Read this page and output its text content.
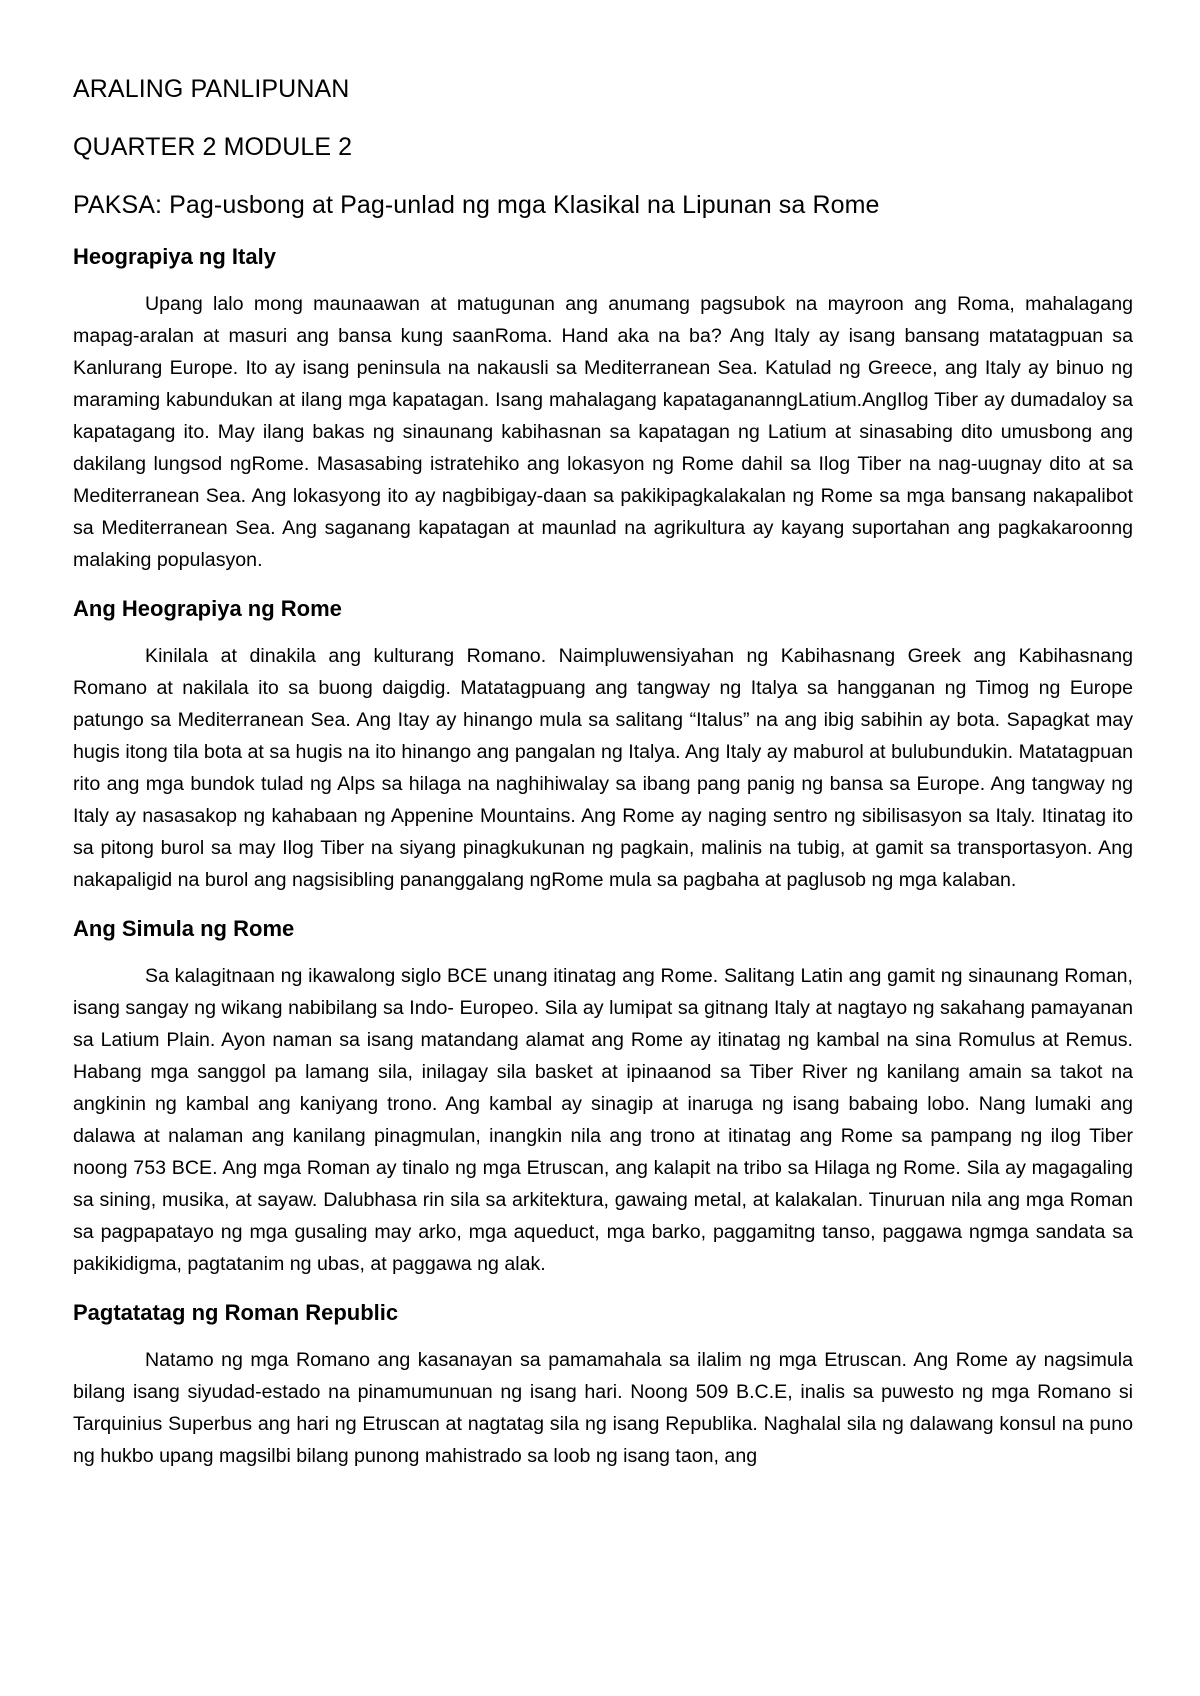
ARALING PANLIPUNAN
QUARTER 2 MODULE 2
PAKSA: Pag-usbong at Pag-unlad ng mga Klasikal na Lipunan sa Rome
Heograpiya ng Italy

Upang lalo mong maunaawan at matugunan ang anumang pagsubok na mayroon ang Roma, mahalagang mapag-aralan at masuri ang bansa kung saanRoma. Hand aka na ba? Ang Italy ay isang bansang matatagpuan sa Kanlurang Europe. Ito ay isang peninsula na nakausli sa Mediterranean Sea. Katulad ng Greece, ang Italy ay binuo ng maraming kabundukan at ilang mga kapatagan. Isang mahalagang kapatagananngLatium.AngIlog Tiber ay dumadaloy sa kapatagang ito. May ilang bakas ng sinaunang kabihasnan sa kapatagan ng Latium at sinasabing dito umusbong ang dakilang lungsod ngRome. Masasabing istratehiko ang lokasyon ng Rome dahil sa Ilog Tiber na nag-uugnay dito at sa Mediterranean Sea. Ang lokasyong ito ay nagbibigay-daan sa pakikipagkalakalan ng Rome sa mga bansang nakapalibot sa Mediterranean Sea. Ang saganang kapatagan at maunlad na agrikultura ay kayang suportahan ang pagkakaroonng malaking populasyon.

Ang Heograpiya ng Rome

Kinilala at dinakila ang kulturang Romano. Naimpluwensiyahan ng Kabihasnang Greek ang Kabihasnang Romano at nakilala ito sa buong daigdig. Matatagpuang ang tangway ng Italya sa hangganan ng Timog ng Europe patungo sa Mediterranean Sea. Ang Itay ay hinango mula sa salitang “Italus” na ang ibig sabihin ay bota. Sapagkat may hugis itong tila bota at sa hugis na ito hinango ang pangalan ng Italya. Ang Italy ay maburol at bulubundukin. Matatagpuan rito ang mga bundok tulad ng Alps sa hilaga na naghihiwalay sa ibang pang panig ng bansa sa Europe. Ang tangway ng Italy ay nasasakop ng kahabaan ng Appenine Mountains. Ang Rome ay naging sentro ng sibilisasyon sa Italy. Itinatag ito sa pitong burol sa may Ilog Tiber na siyang pinagkukunan ng pagkain, malinis na tubig, at gamit sa transportasyon. Ang nakapaligid na burol ang nagsisibling pananggalang ngRome mula sa pagbaha at paglusob ng mga kalaban.

Ang Simula ng Rome

Sa kalagitnaan ng ikawalong siglo BCE unang itinatag ang Rome. Salitang Latin ang gamit ng sinaunang Roman, isang sangay ng wikang nabibilang sa Indo- Europeo. Sila ay lumipat sa gitnang Italy at nagtayo ng sakahang pamayanan sa Latium Plain. Ayon naman sa isang matandang alamat ang Rome ay itinatag ng kambal na sina Romulus at Remus. Habang mga sanggol pa lamang sila, inilagay sila basket at ipinaanod sa Tiber River ng kanilang amain sa takot na angkinin ng kambal ang kaniyang trono. Ang kambal ay sinagip at inaruga ng isang babaing lobo. Nang lumaki ang dalawa at nalaman ang kanilang pinagmulan, inangkin nila ang trono at itinatag ang Rome sa pampang ng ilog Tiber noong 753 BCE. Ang mga Roman ay tinalo ng mga Etruscan, ang kalapit na tribo sa Hilaga ng Rome. Sila ay magagaling sa sining, musika, at sayaw. Dalubhasa rin sila sa arkitektura, gawaing metal, at kalakalan. Tinuruan nila ang mga Roman sa pagpapatayo ng mga gusaling may arko, mga aqueduct, mga barko, paggamitng tanso, paggawa ngmga sandata sa pakikidigma, pagtatanim ng ubas, at paggawa ng alak.

Pagtatatag ng Roman Republic

Natamo ng mga Romano ang kasanayan sa pamamahala sa ilalim ng mga Etruscan. Ang Rome ay nagsimula bilang isang siyudad-estado na pinamumunuan ng isang hari. Noong 509 B.C.E, inalis sa puwesto ng mga Romano si Tarquinius Superbus ang hari ng Etruscan at nagtatag sila ng isang Republika. Naghalal sila ng dalawang konsul na puno ng hukbo upang magsilbi bilang punong mahistrado sa loob ng isang taon, ang
